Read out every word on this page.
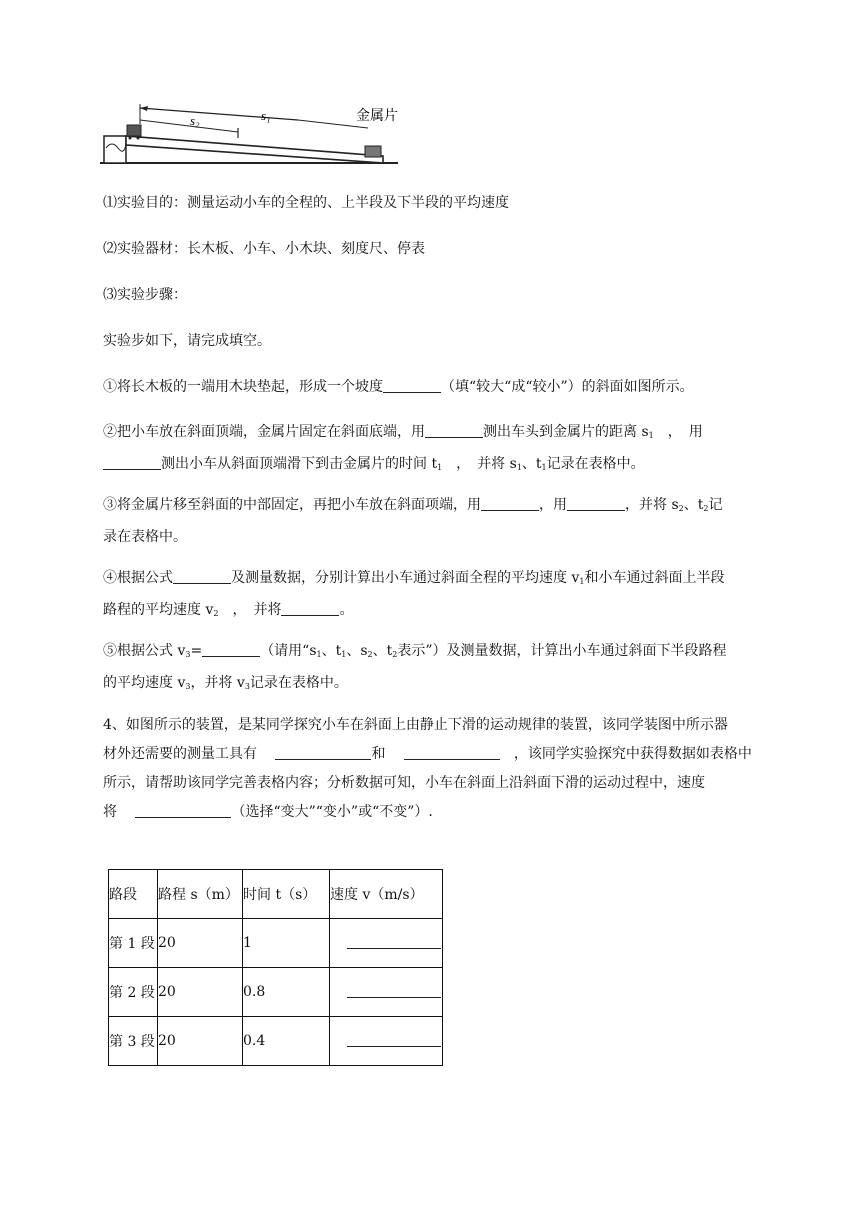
s₂	s₁	金属片
⑴实验目的：测量运动小车的全程的、上半段及下半段的平均速度
⑵实验器材：长木板、小车、小木块、刻度尺、停表
⑶实验步骤：
实验步如下，请完成填空。
①将长木板的一端用木块垫起，形成一个坡度	（填“较大“成“较小”）的斜面如图所示。
②把小车放在斜面顶端，金属片固定在斜面底端，用	测出车头到金属片的距离 $s_1$　 ，　用
测出小车从斜面顶端滑下到击金属片的时间 $t_1$　 ，　并将 $s_1$、$t_1$记录在表格中。
③将金属片移至斜面的中部固定，再把小车放在斜面项端，用	，用	，并将 $s_2$、$t_2$记
录在表格中。
④根据公式	及测量数据，分别计算出小车通过斜面全程的平均速度 $v_1$和小车通过斜面上半段
路程的平均速度 $v_2$　 ，　并将	。
⑤根据公式 $v_3=$	（请用“$s_1$、$t_1$、$s_2$、$t_2$表示”）及测量数据，计算出小车通过斜面下半段路程
的平均速度 $v_3$，并将 $v_3$记录在表格中。
4、如图所示的装置，是某同学探究小车在斜面上由静止下滑的运动规律的装置，该同学装图中所示器
材外还需要的测量工具有　	和　 　	，该同学实验探究中获得数据如表格中
所示，请帮助该同学完善表格内容；分析数据可知，小车在斜面上沿斜面下滑的运动过程中，速度
将　	（选择“变大”“变小”或“不变”）.
路段	路程 s（m）	时间 t（s）	速度 v（m/s）
第 1 段	20	1	
第 2 段	20	0.8	
第 3 段	20	0.4	
